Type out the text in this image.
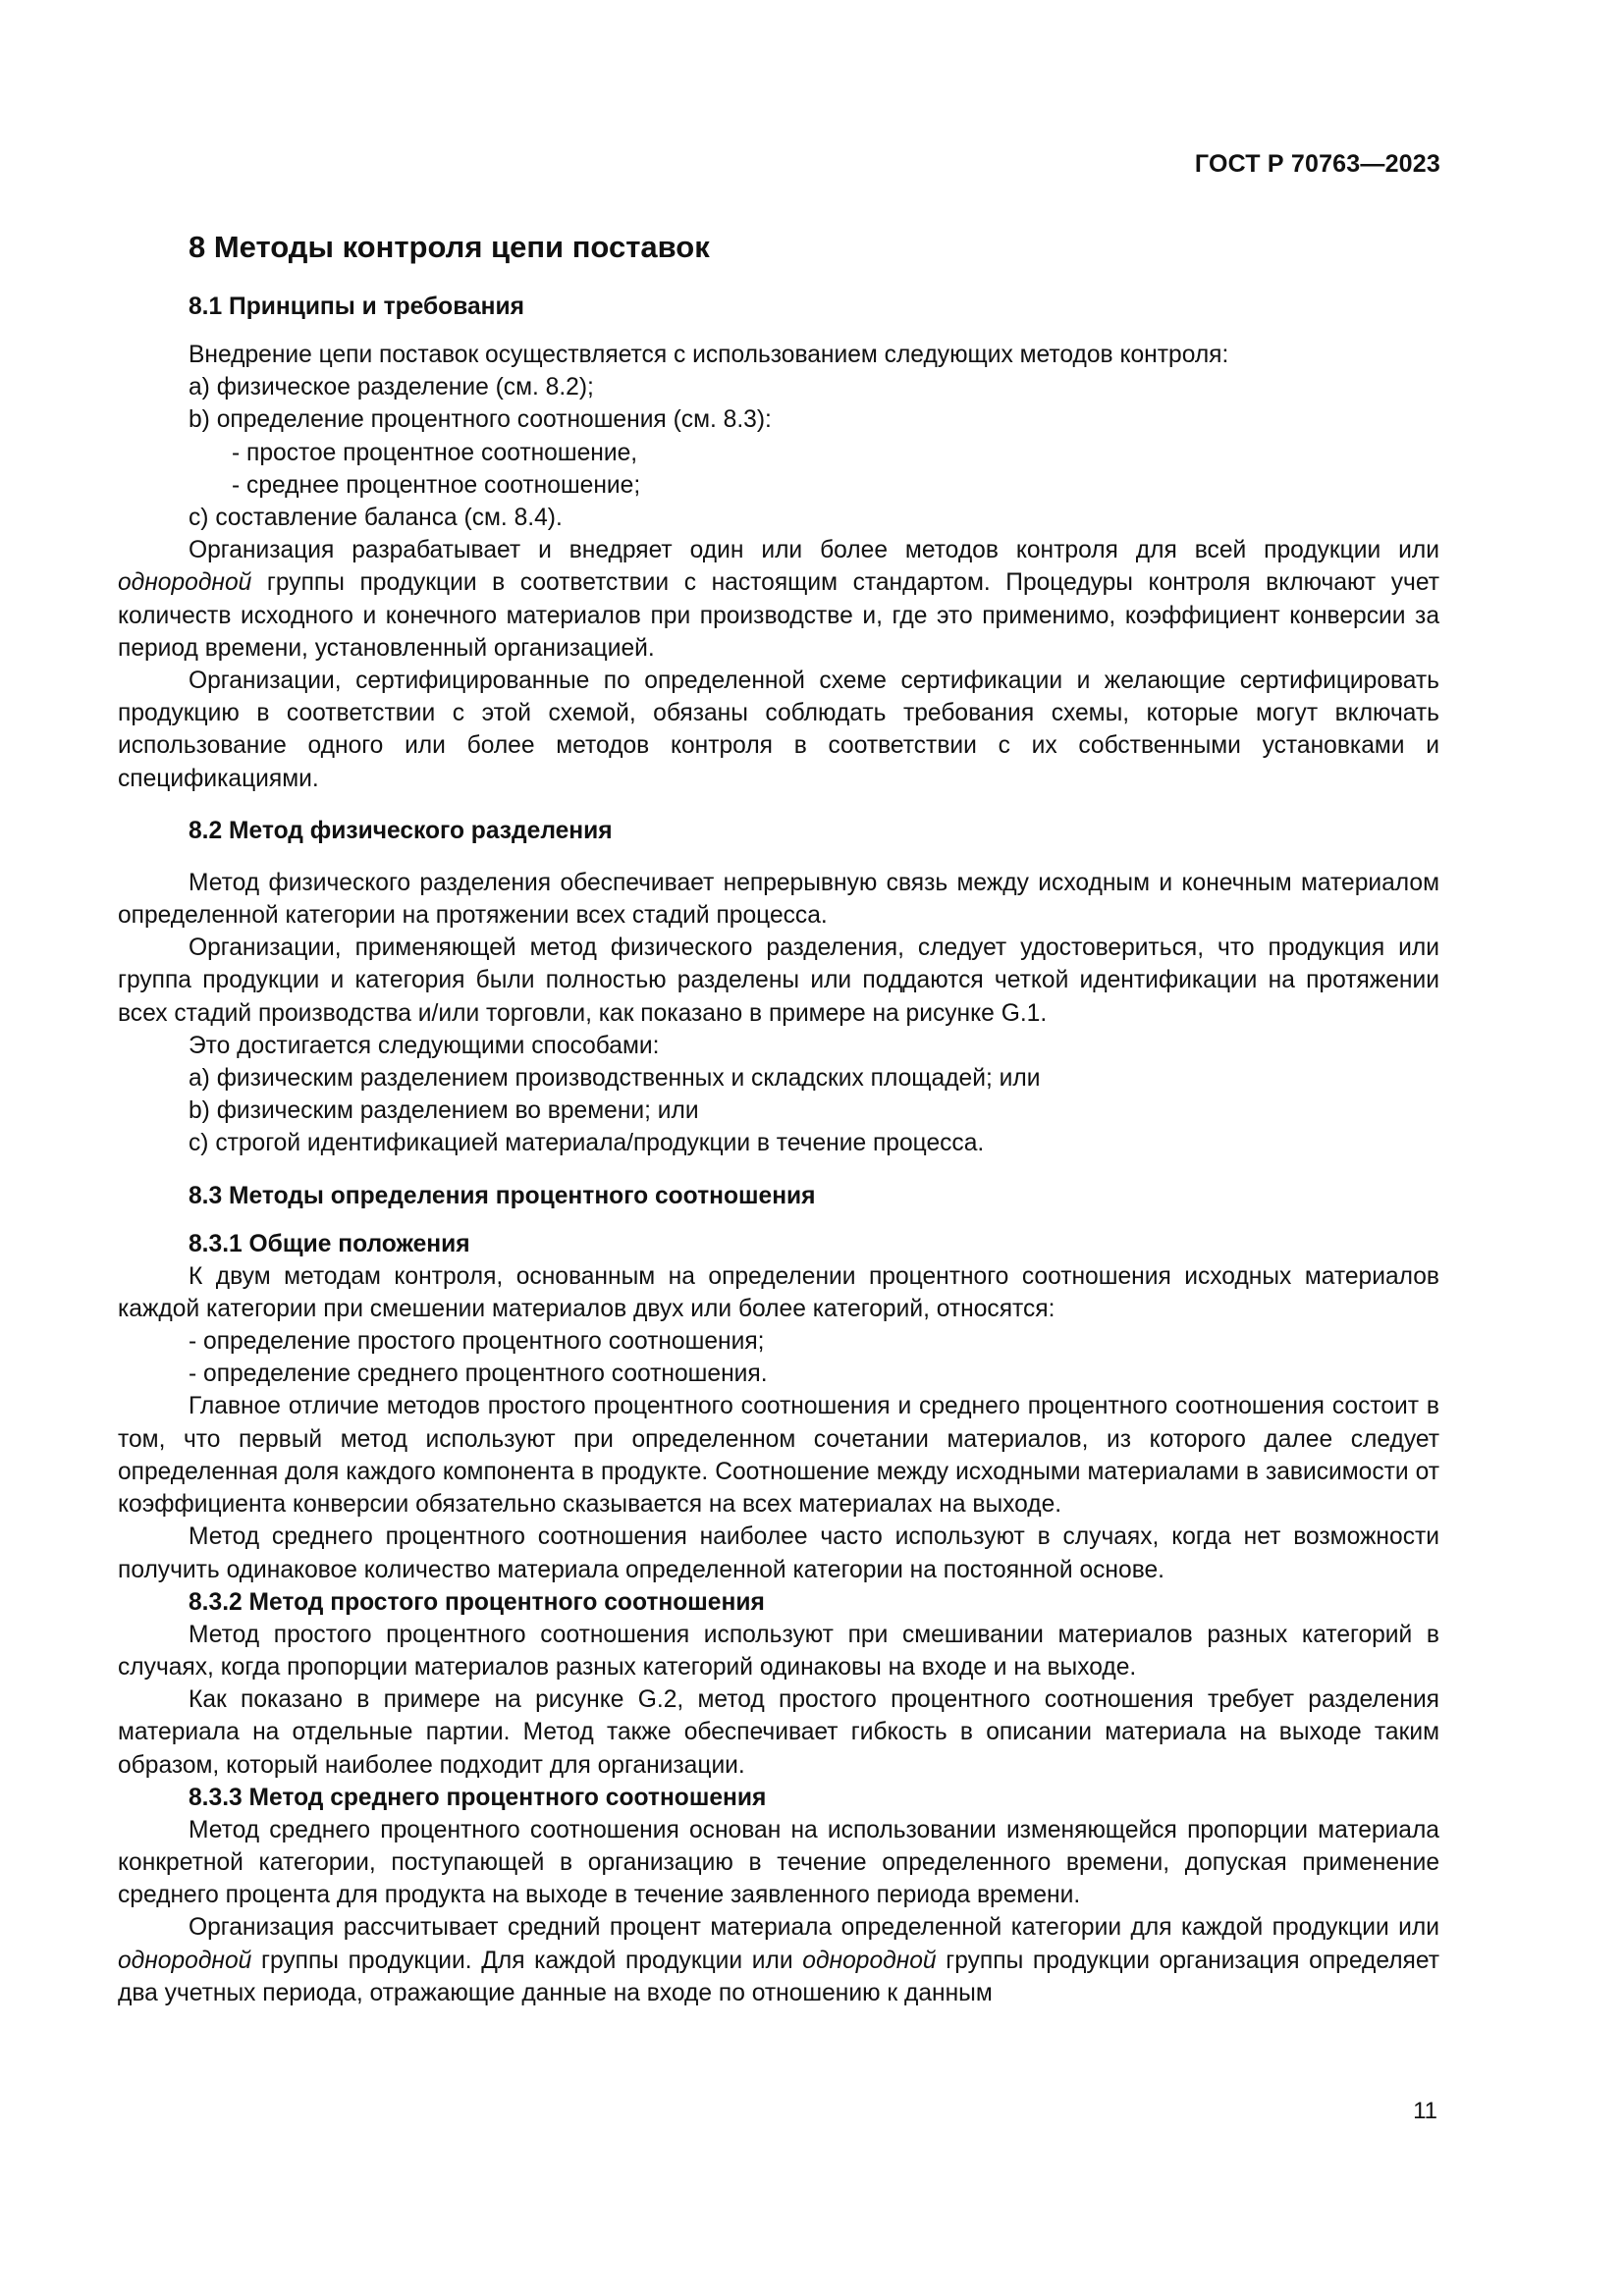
ГОСТ Р 70763—2023

8 Методы контроля цепи поставок
8.1 Принципы и требования

Внедрение цепи поставок осуществляется с использованием следующих методов контроля:

a) физическое разделение (см. 8.2);

b) определение процентного соотношения (см. 8.3):

- простое процентное соотношение,

- среднее процентное соотношение;

c) составление баланса (см. 8.4).

Организация разрабатывает и внедряет один или более методов контроля для всей продукции или однородной группы продукции в соответствии с настоящим стандартом. Процедуры контроля включают учет количеств исходного и конечного материалов при производстве и, где это применимо, коэффициент конверсии за период времени, установленный организацией.

Организации, сертифицированные по определенной схеме сертификации и желающие сертифицировать продукцию в соответствии с этой схемой, обязаны соблюдать требования схемы, которые могут включать использование одного или более методов контроля в соответствии с их собственными установками и спецификациями.

8.2 Метод физического разделения

Метод физического разделения обеспечивает непрерывную связь между исходным и конечным материалом определенной категории на протяжении всех стадий процесса.

Организации, применяющей метод физического разделения, следует удостовериться, что продукция или группа продукции и категория были полностью разделены или поддаются четкой идентификации на протяжении всех стадий производства и/или торговли, как показано в примере на рисунке G.1.

Это достигается следующими способами:

a) физическим разделением производственных и складских площадей; или

b) физическим разделением во времени; или

c) строгой идентификацией материала/продукции в течение процесса.

8.3 Методы определения процентного соотношения
8.3.1 Общие положения

К двум методам контроля, основанным на определении процентного соотношения исходных материалов каждой категории при смешении материалов двух или более категорий, относятся:

- определение простого процентного соотношения;

- определение среднего процентного соотношения.

Главное отличие методов простого процентного соотношения и среднего процентного соотношения состоит в том, что первый метод используют при определенном сочетании материалов, из которого далее следует определенная доля каждого компонента в продукте. Соотношение между исходными материалами в зависимости от коэффициента конверсии обязательно сказывается на всех материалах на выходе.

Метод среднего процентного соотношения наиболее часто используют в случаях, когда нет возможности получить одинаковое количество материала определенной категории на постоянной основе.

8.3.2 Метод простого процентного соотношения

Метод простого процентного соотношения используют при смешивании материалов разных категорий в случаях, когда пропорции материалов разных категорий одинаковы на входе и на выходе.

Как показано в примере на рисунке G.2, метод простого процентного соотношения требует разделения материала на отдельные партии. Метод также обеспечивает гибкость в описании материала на выходе таким образом, который наиболее подходит для организации.

8.3.3 Метод среднего процентного соотношения

Метод среднего процентного соотношения основан на использовании изменяющейся пропорции материала конкретной категории, поступающей в организацию в течение определенного времени, допуская применение среднего процента для продукта на выходе в течение заявленного периода времени.

Организация рассчитывает средний процент материала определенной категории для каждой продукции или однородной группы продукции. Для каждой продукции или однородной группы продукции организация определяет два учетных периода, отражающие данные на входе по отношению к данным

11
